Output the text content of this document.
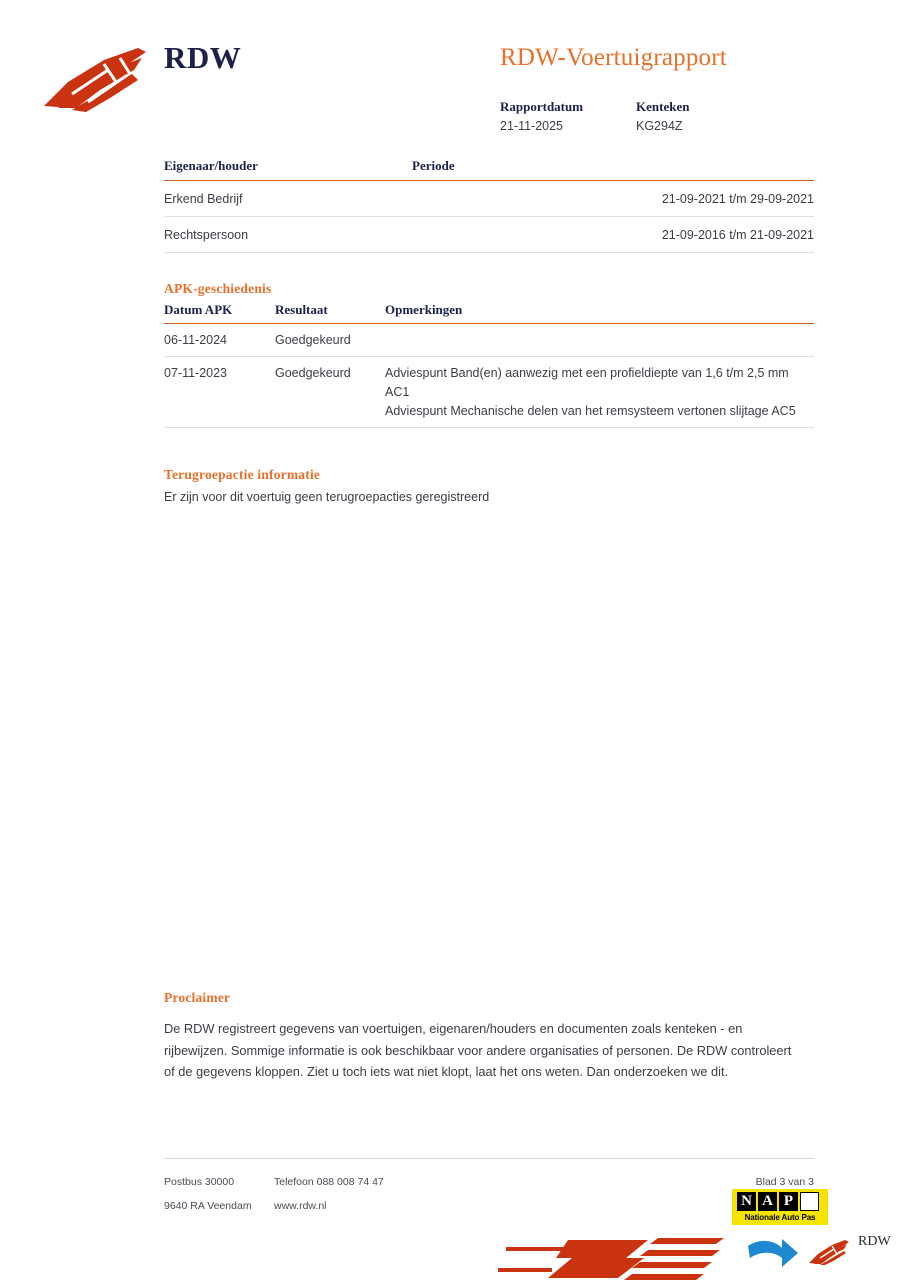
RDW	RDW-Voertuigrapport
Rapportdatum
21-11-2025
Kenteken
KG294Z
Eigenaar/houder	Periode
Erkend Bedrijf	21-09-2021 t/m 29-09-2021
Rechtspersoon	21-09-2016 t/m 21-09-2021
APK-geschiedenis
Datum APK	Resultaat	Opmerkingen
06-11-2024	Goedgekeurd	
07-11-2023	Goedgekeurd	Adviespunt Band(en) aanwezig met een profieldiepte van 1,6 t/m 2,5 mm AC1
Adviespunt Mechanische delen van het remsysteem vertonen slijtage AC5
Terugroepactie informatie

Er zijn voor dit voertuig geen terugroepacties geregistreerd

Proclaimer

De RDW registreert gegevens van voertuigen, eigenaren/houders en documenten zoals kenteken - en rijbewijzen. Sommige informatie is ook beschikbaar voor andere organisaties of personen. De RDW controleert of de gegevens kloppen. Ziet u toch iets wat niet klopt, laat het ons weten. Dan onderzoeken we dit.

Postbus 30000
9640 RA Veendam
Telefoon 088 008 74 47
www.rdw.nl
Blad 3 van 3
N A P
Nationale Auto Pas
RDW
